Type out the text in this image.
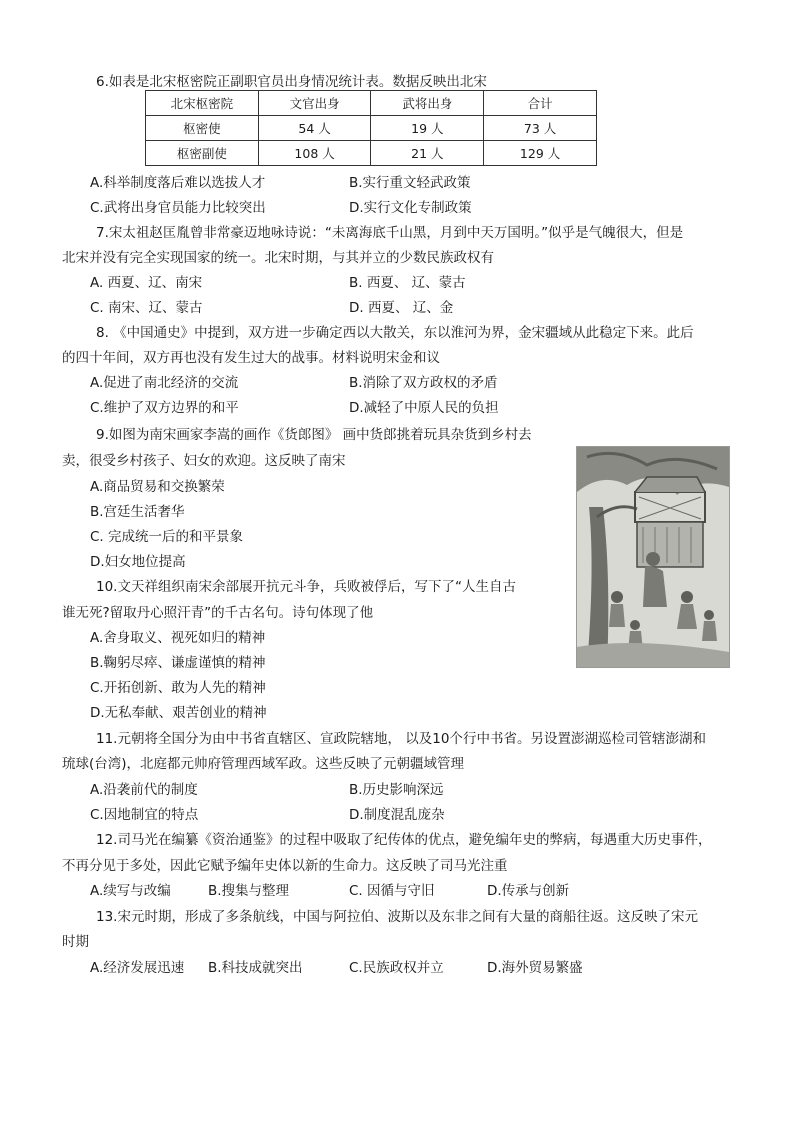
6.如表是北宋枢密院正副职官员出身情况统计表。数据反映出北宋
北宋枢密院	文官出身	武将出身	合计
枢密使	54 人	19 人	73 人
枢密副使	108 人	21 人	129 人
A.科举制度落后难以选拔人才	B.实行重文轻武政策
C.武将出身官员能力比较突出	D.实行文化专制政策
7.宋太祖赵匡胤曾非常豪迈地咏诗说：“未离海底千山黑，月到中天万国明。”似乎是气魄很大，但是
北宋并没有完全实现国家的统一。北宋时期，与其并立的少数民族政权有
A. 西夏、辽、南宋	B. 西夏、 辽、蒙古
C. 南宋、辽、蒙古	D. 西夏、 辽、金
8. 《中国通史》中提到，双方进一步确定西以大散关，东以淮河为界，金宋疆域从此稳定下来。此后
的四十年间，双方再也没有发生过大的战事。材料说明宋金和议
A.促进了南北经济的交流	B.消除了双方政权的矛盾
C.维护了双方边界的和平	D.减轻了中原人民的负担
9.如图为南宋画家李嵩的画作《货郎图》 画中货郎挑着玩具杂货到乡村去
卖，很受乡村孩子、妇女的欢迎。这反映了南宋
A.商品贸易和交换繁荣
B.宫廷生活奢华
C. 完成统一后的和平景象
D.妇女地位提高
10.文天祥组织南宋余部展开抗元斗争，兵败被俘后，写下了“人生自古
谁无死?留取丹心照汗青”的千古名句。诗句体现了他
A.舍身取义、视死如归的精神
B.鞠躬尽瘁、谦虚谨慎的精神
C.开拓创新、敢为人先的精神
D.无私奉献、艰苦创业的精神
11.元朝将全国分为由中书省直辖区、宣政院辖地， 以及10个行中书省。另设置澎湖巡检司管辖澎湖和
琉球(台湾)，北庭都元帅府管理西域军政。这些反映了元朝疆域管理
A.沿袭前代的制度	B.历史影响深远
C.因地制宜的特点	D.制度混乱庞杂
12.司马光在编纂《资治通鉴》的过程中吸取了纪传体的优点，避免编年史的弊病，每遇重大历史事件，
不再分见于多处，因此它赋予编年史体以新的生命力。这反映了司马光注重
A.续写与改编	B.搜集与整理	C. 因循与守旧	D.传承与创新
13.宋元时期，形成了多条航线，中国与阿拉伯、波斯以及东非之间有大量的商船往返。这反映了宋元
时期
A.经济发展迅速 B.科技成就突出	C.民族政权并立	D.海外贸易繁盛
